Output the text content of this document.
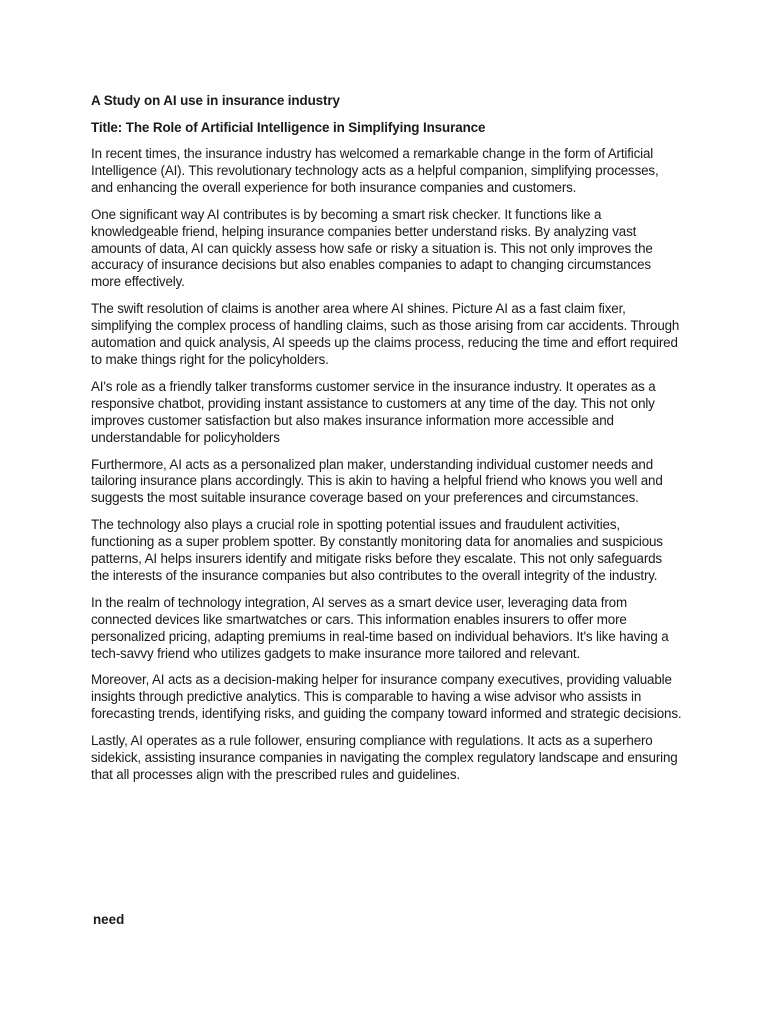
A Study on AI use in insurance industry
Title: The Role of Artificial Intelligence in Simplifying Insurance

In recent times, the insurance industry has welcomed a remarkable change in the form of Artificial Intelligence (AI). This revolutionary technology acts as a helpful companion, simplifying processes, and enhancing the overall experience for both insurance companies and customers.

One significant way AI contributes is by becoming a smart risk checker. It functions like a knowledgeable friend, helping insurance companies better understand risks. By analyzing vast amounts of data, AI can quickly assess how safe or risky a situation is. This not only improves the accuracy of insurance decisions but also enables companies to adapt to changing circumstances more effectively.

The swift resolution of claims is another area where AI shines. Picture AI as a fast claim fixer, simplifying the complex process of handling claims, such as those arising from car accidents. Through automation and quick analysis, AI speeds up the claims process, reducing the time and effort required to make things right for the policyholders.

AI's role as a friendly talker transforms customer service in the insurance industry. It operates as a responsive chatbot, providing instant assistance to customers at any time of the day. This not only improves customer satisfaction but also makes insurance information more accessible and understandable for policyholders

Furthermore, AI acts as a personalized plan maker, understanding individual customer needs and tailoring insurance plans accordingly. This is akin to having a helpful friend who knows you well and suggests the most suitable insurance coverage based on your preferences and circumstances.

The technology also plays a crucial role in spotting potential issues and fraudulent activities, functioning as a super problem spotter. By constantly monitoring data for anomalies and suspicious patterns, AI helps insurers identify and mitigate risks before they escalate. This not only safeguards the interests of the insurance companies but also contributes to the overall integrity of the industry.

In the realm of technology integration, AI serves as a smart device user, leveraging data from connected devices like smartwatches or cars. This information enables insurers to offer more personalized pricing, adapting premiums in real-time based on individual behaviors. It's like having a tech-savvy friend who utilizes gadgets to make insurance more tailored and relevant.

Moreover, AI acts as a decision-making helper for insurance company executives, providing valuable insights through predictive analytics. This is comparable to having a wise advisor who assists in forecasting trends, identifying risks, and guiding the company toward informed and strategic decisions.

Lastly, AI operates as a rule follower, ensuring compliance with regulations. It acts as a superhero sidekick, assisting insurance companies in navigating the complex regulatory landscape and ensuring that all processes align with the prescribed rules and guidelines.

need
